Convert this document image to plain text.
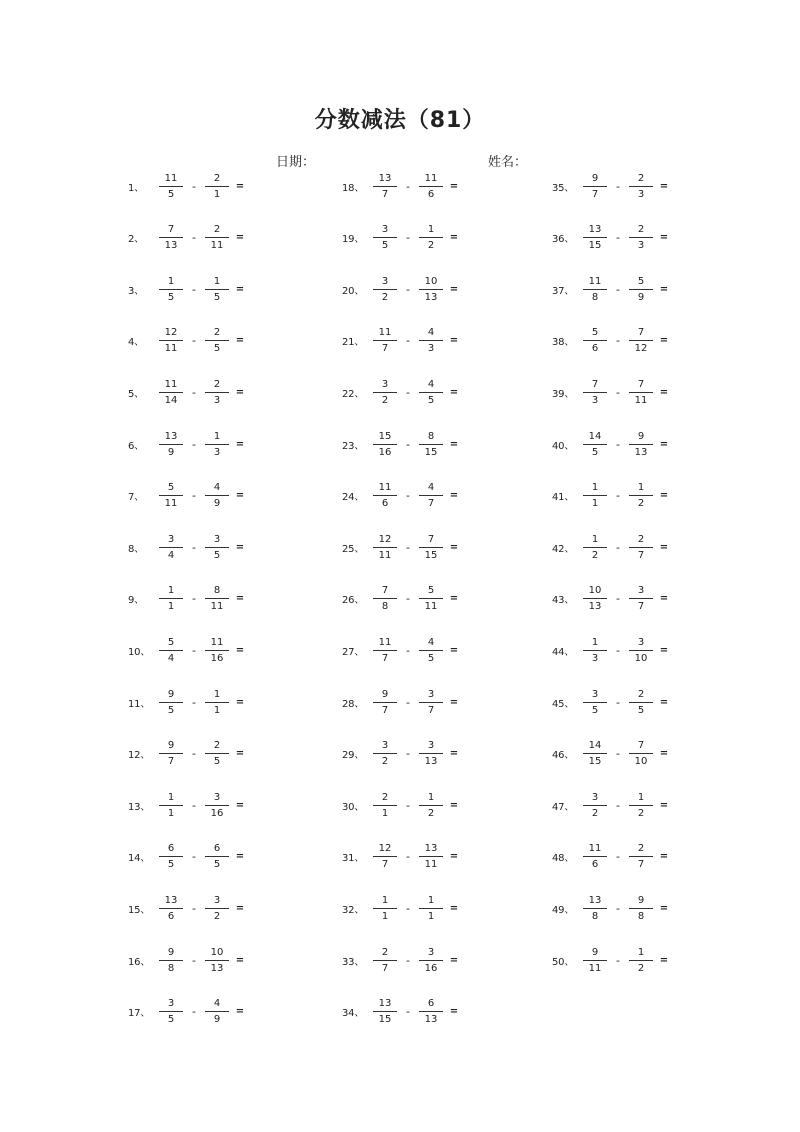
分数减法（81）
日期：	姓名：
1、	$\frac{11}{5} - \frac{2}{1}$ =
2、	$\frac{7}{13} - \frac{2}{11}$ =
3、	$\frac{1}{5} - \frac{1}{5}$ =
4、	$\frac{12}{11} - \frac{2}{5}$ =
5、	$\frac{11}{14} - \frac{2}{3}$ =
6、	$\frac{13}{9} - \frac{1}{3}$ =
7、	$\frac{5}{11} - \frac{4}{9}$ =
8、	$\frac{3}{4} - \frac{3}{5}$ =
9、	$\frac{1}{1} - \frac{8}{11}$ =
10、 $\frac{5}{4} - \frac{11}{16}$ =
11、 $\frac{9}{5} - \frac{1}{1}$ =
12、 $\frac{9}{7} - \frac{2}{5}$ =
13、 $\frac{1}{1} - \frac{3}{16}$ =
14、 $\frac{6}{5} - \frac{6}{5}$ =
15、 $\frac{13}{6} - \frac{3}{2}$ =
16、 $\frac{9}{8} - \frac{10}{13}$ =
17、 $\frac{3}{5} - \frac{4}{9}$ =
18、 $\frac{13}{7} - \frac{11}{6}$ =
19、 $\frac{3}{5} - \frac{1}{2}$ =
20、 $\frac{3}{2} - \frac{10}{13}$ =
21、 $\frac{11}{7} - \frac{4}{3}$ =
22、 $\frac{3}{2} - \frac{4}{5}$ =
23、 $\frac{15}{16} - \frac{8}{15}$ =
24、 $\frac{11}{6} - \frac{4}{7}$ =
25、 $\frac{12}{11} - \frac{7}{15}$ =
26、 $\frac{7}{8} - \frac{5}{11}$ =
27、 $\frac{11}{7} - \frac{4}{5}$ =
28、 $\frac{9}{7} - \frac{3}{7}$ =
29、 $\frac{3}{2} - \frac{3}{13}$ =
30、 $\frac{2}{1} - \frac{1}{2}$ =
31、 $\frac{12}{7} - \frac{13}{11}$ =
32、 $\frac{1}{1} - \frac{1}{1}$ =
33、 $\frac{2}{7} - \frac{3}{16}$ =
34、 $\frac{13}{15} - \frac{6}{13}$ =
35、 $\frac{9}{7} - \frac{2}{3}$ =
36、 $\frac{13}{15} - \frac{2}{3}$ =
37、 $\frac{11}{8} - \frac{5}{9}$ =
38、 $\frac{5}{6} - \frac{7}{12}$ =
39、 $\frac{7}{3} - \frac{7}{11}$ =
40、 $\frac{14}{5} - \frac{9}{13}$ =
41、 $\frac{1}{1} - \frac{1}{2}$ =
42、 $\frac{1}{2} - \frac{2}{7}$ =
43、 $\frac{10}{13} - \frac{3}{7}$ =
44、 $\frac{1}{3} - \frac{3}{10}$ =
45、 $\frac{3}{5} - \frac{2}{5}$ =
46、 $\frac{14}{15} - \frac{7}{10}$ =
47、 $\frac{3}{2} - \frac{1}{2}$ =
48、 $\frac{11}{6} - \frac{2}{7}$ =
49、 $\frac{13}{8} - \frac{9}{8}$ =
50、 $\frac{9}{11} - \frac{1}{2}$ =
